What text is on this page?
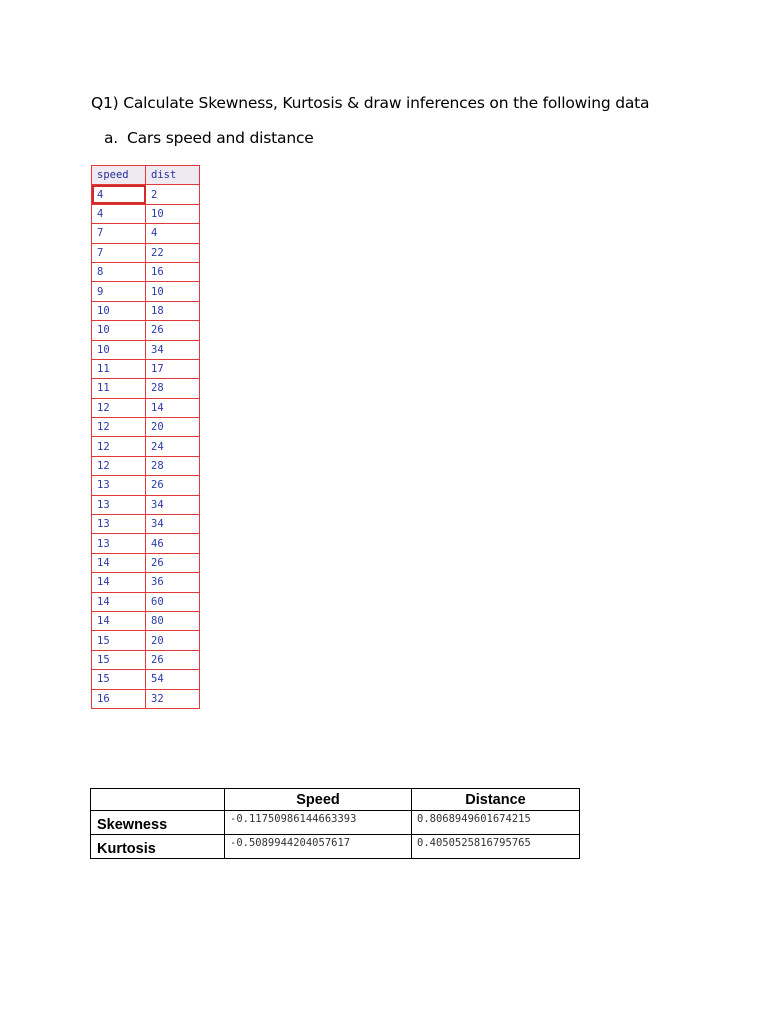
Q1) Calculate Skewness, Kurtosis & draw inferences on the following data
a. Cars speed and distance
speed	dist
4	2
4	10
7	4
7	22
8	16
9	10
10	18
10	26
10	34
11	17
11	28
12	14
12	20
12	24
12	28
13	26
13	34
13	34
13	46
14	26
14	36
14	60
14	80
15	20
15	26
15	54
16	32
	Speed	Distance
Skewness	-0.11750986144663393	0.8068949601674215
Kurtosis	-0.5089944204057617	0.4050525816795765
